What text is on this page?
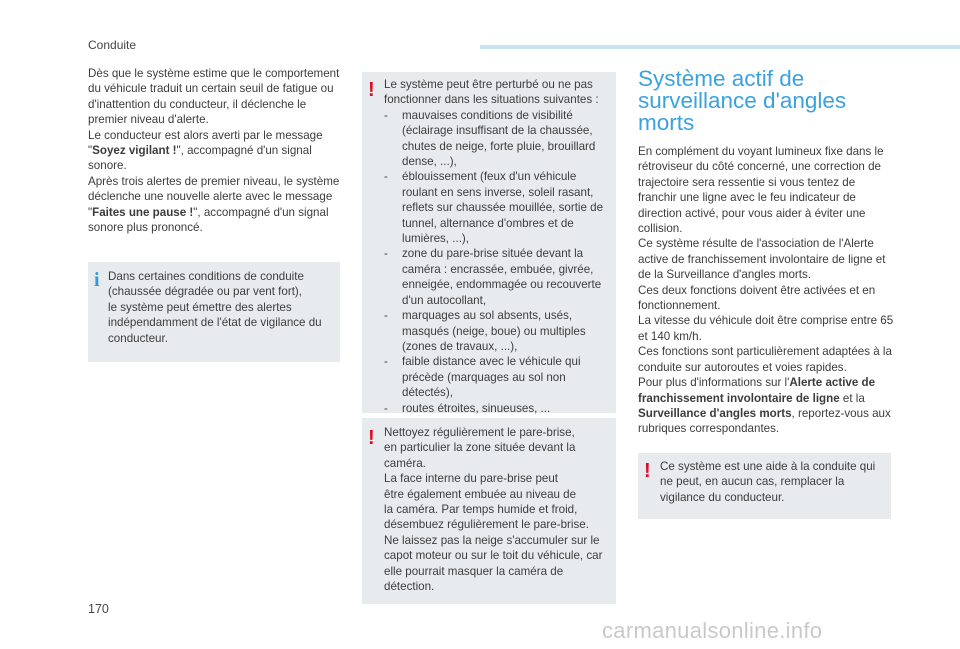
Conduite

Dès que le système estime que le comportement du véhicule traduit un certain seuil de fatigue ou d'inattention du conducteur, il déclenche le premier niveau d'alerte.
Le conducteur est alors averti par le message "Soyez vigilant !", accompagné d'un signal sonore.
Après trois alertes de premier niveau, le système déclenche une nouvelle alerte avec le message "Faites une pause !", accompagné d'un signal sonore plus prononcé.

i Dans certaines conditions de conduite (chaussée dégradée ou par vent fort),

le système peut émettre des alertes indépendamment de l'état de vigilance du conducteur.

! Le système peut être perturbé ou ne pas fonctionner dans les situations suivantes :

- mauvaises conditions de visibilité (éclairage insuffisant de la chaussée, chutes de neige, forte pluie, brouillard dense, ...),
- éblouissement (feux d'un véhicule roulant en sens inverse, soleil rasant, reflets sur chaussée mouillée, sortie de tunnel, alternance d'ombres et de lumières, ...),
- zone du pare-brise située devant la caméra : encrassée, embuée, givrée, enneigée, endommagée ou recouverte d'un autocollant,
- marquages au sol absents, usés, masqués (neige, boue) ou multiples (zones de travaux, ...),
- faible distance avec le véhicule qui précède (marquages au sol non détectés),
- routes étroites, sinueuses, ...
! Nettoyez régulièrement le pare-brise,

en particulier la zone située devant la caméra.

La face interne du pare-brise peut

être également embuée au niveau de

la caméra. Par temps humide et froid, désembuez régulièrement le pare-brise.

Ne laissez pas la neige s'accumuler sur le capot moteur ou sur le toit du véhicule, car elle pourrait masquer la caméra de détection.

Système actif de surveillance d'angles morts

En complément du voyant lumineux fixe dans le rétroviseur du côté concerné, une correction de trajectoire sera ressentie si vous tentez de franchir une ligne avec le feu indicateur de direction activé, pour vous aider à éviter une collision.
Ce système résulte de l'association de l'Alerte active de franchissement involontaire de ligne et de la Surveillance d'angles morts.
Ces deux fonctions doivent être activées et en fonctionnement.
La vitesse du véhicule doit être comprise entre 65 et 140 km/h.
Ces fonctions sont particulièrement adaptées à la conduite sur autoroutes et voies rapides.
Pour plus d'informations sur l'Alerte active de franchissement involontaire de ligne et la Surveillance d'angles morts, reportez-vous aux rubriques correspondantes.

! Ce système est une aide à la conduite qui ne peut, en aucun cas, remplacer la vigilance du conducteur.

170
carmanualsonline.info
